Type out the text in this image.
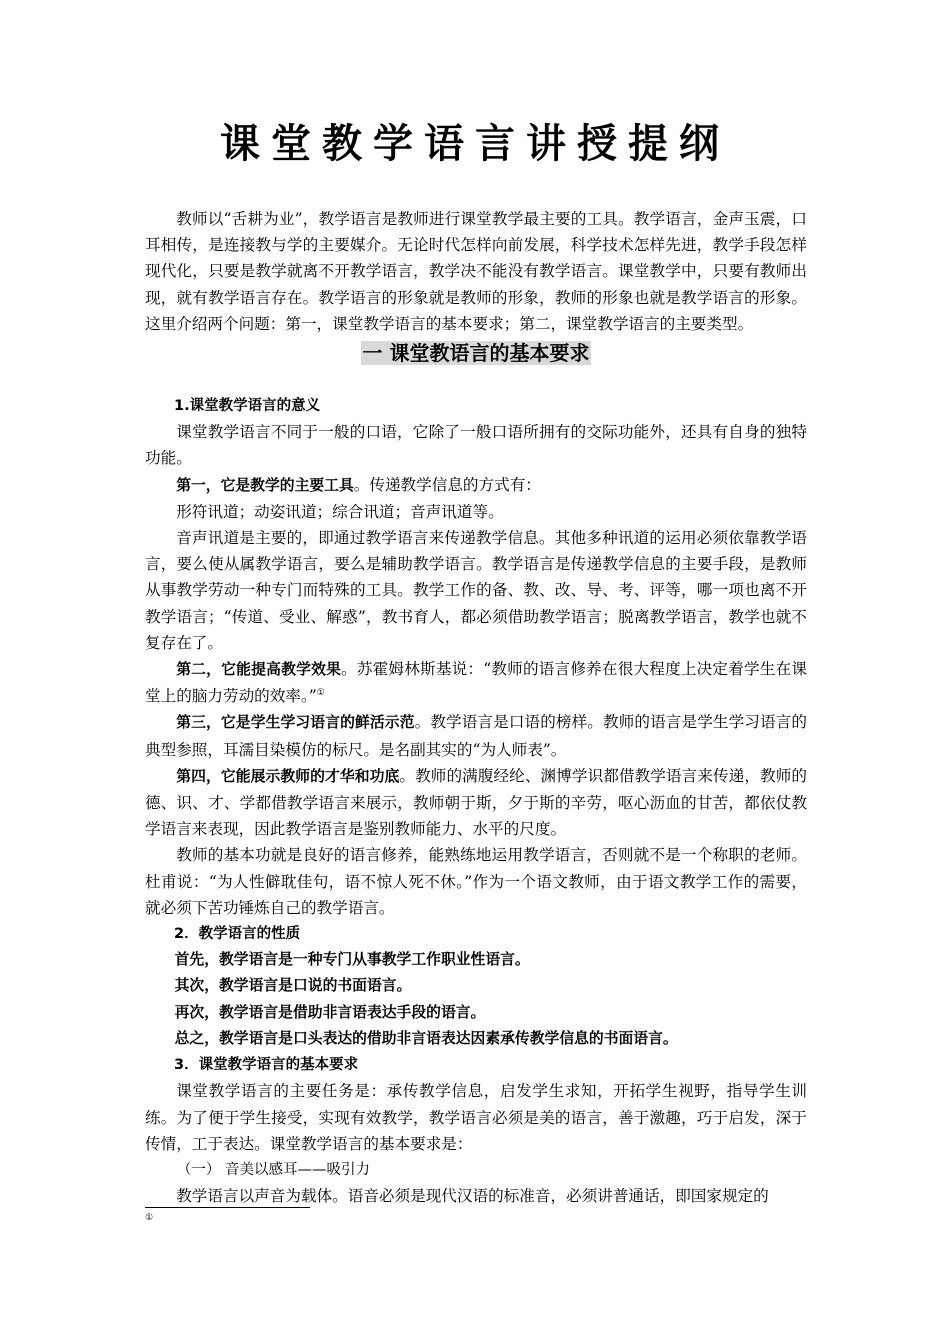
课堂教学语言讲授提纲

教师以“舌耕为业”，教学语言是教师进行课堂教学最主要的工具。教学语言，金声玉震，口耳相传，是连接教与学的主要媒介。无论时代怎样向前发展，科学技术怎样先进，教学手段怎样现代化，只要是教学就离不开教学语言，教学决不能没有教学语言。课堂教学中，只要有教师出现，就有教学语言存在。教学语言的形象就是教师的形象，教师的形象也就是教学语言的形象。这里介绍两个问题：第一，课堂教学语言的基本要求；第二，课堂教学语言的主要类型。

一 课堂教语言的基本要求

1.课堂教学语言的意义

课堂教学语言不同于一般的口语，它除了一般口语所拥有的交际功能外，还具有自身的独特功能。

第一，它是教学的主要工具。传递教学信息的方式有：

形符讯道；动姿讯道；综合讯道；音声讯道等。

音声讯道是主要的，即通过教学语言来传递教学信息。其他多种讯道的运用必须依靠教学语言，要么使从属教学语言，要么是辅助教学语言。教学语言是传递教学信息的主要手段，是教师从事教学劳动一种专门而特殊的工具。教学工作的备、教、改、导、考、评等，哪一项也离不开教学语言；“传道、受业、解惑”，教书育人，都必须借助教学语言；脱离教学语言，教学也就不复存在了。

第二，它能提高教学效果。苏霍姆林斯基说：“教师的语言修养在很大程度上决定着学生在课堂上的脑力劳动的效率。”①

第三，它是学生学习语言的鲜活示范。教学语言是口语的榜样。教师的语言是学生学习语言的典型参照，耳濡目染模仿的标尺。是名副其实的“为人师表”。

第四，它能展示教师的才华和功底。教师的满腹经纶、渊博学识都借教学语言来传递，教师的德、识、才、学都借教学语言来展示，教师朝于斯，夕于斯的辛劳，呕心沥血的甘苦，都依仗教学语言来表现，因此教学语言是鉴别教师能力、水平的尺度。

教师的基本功就是良好的语言修养，能熟练地运用教学语言，否则就不是一个称职的老师。杜甫说：“为人性僻耽佳句，语不惊人死不休。”作为一个语文教师，由于语文教学工作的需要，就必须下苦功锤炼自己的教学语言。

2．教学语言的性质

首先，教学语言是一种专门从事教学工作职业性语言。

其次，教学语言是口说的书面语言。

再次，教学语言是借助非言语表达手段的语言。

总之，教学语言是口头表达的借助非言语表达因素承传教学信息的书面语言。

3．课堂教学语言的基本要求

课堂教学语言的主要任务是：承传教学信息，启发学生求知，开拓学生视野，指导学生训练。为了便于学生接受，实现有效教学，教学语言必须是美的语言，善于激趣，巧于启发，深于传情，工于表达。课堂教学语言的基本要求是：

（一） 音美以感耳——吸引力

教学语言以声音为载体。语音必须是现代汉语的标准音，必须讲普通话，即国家规定的

①
